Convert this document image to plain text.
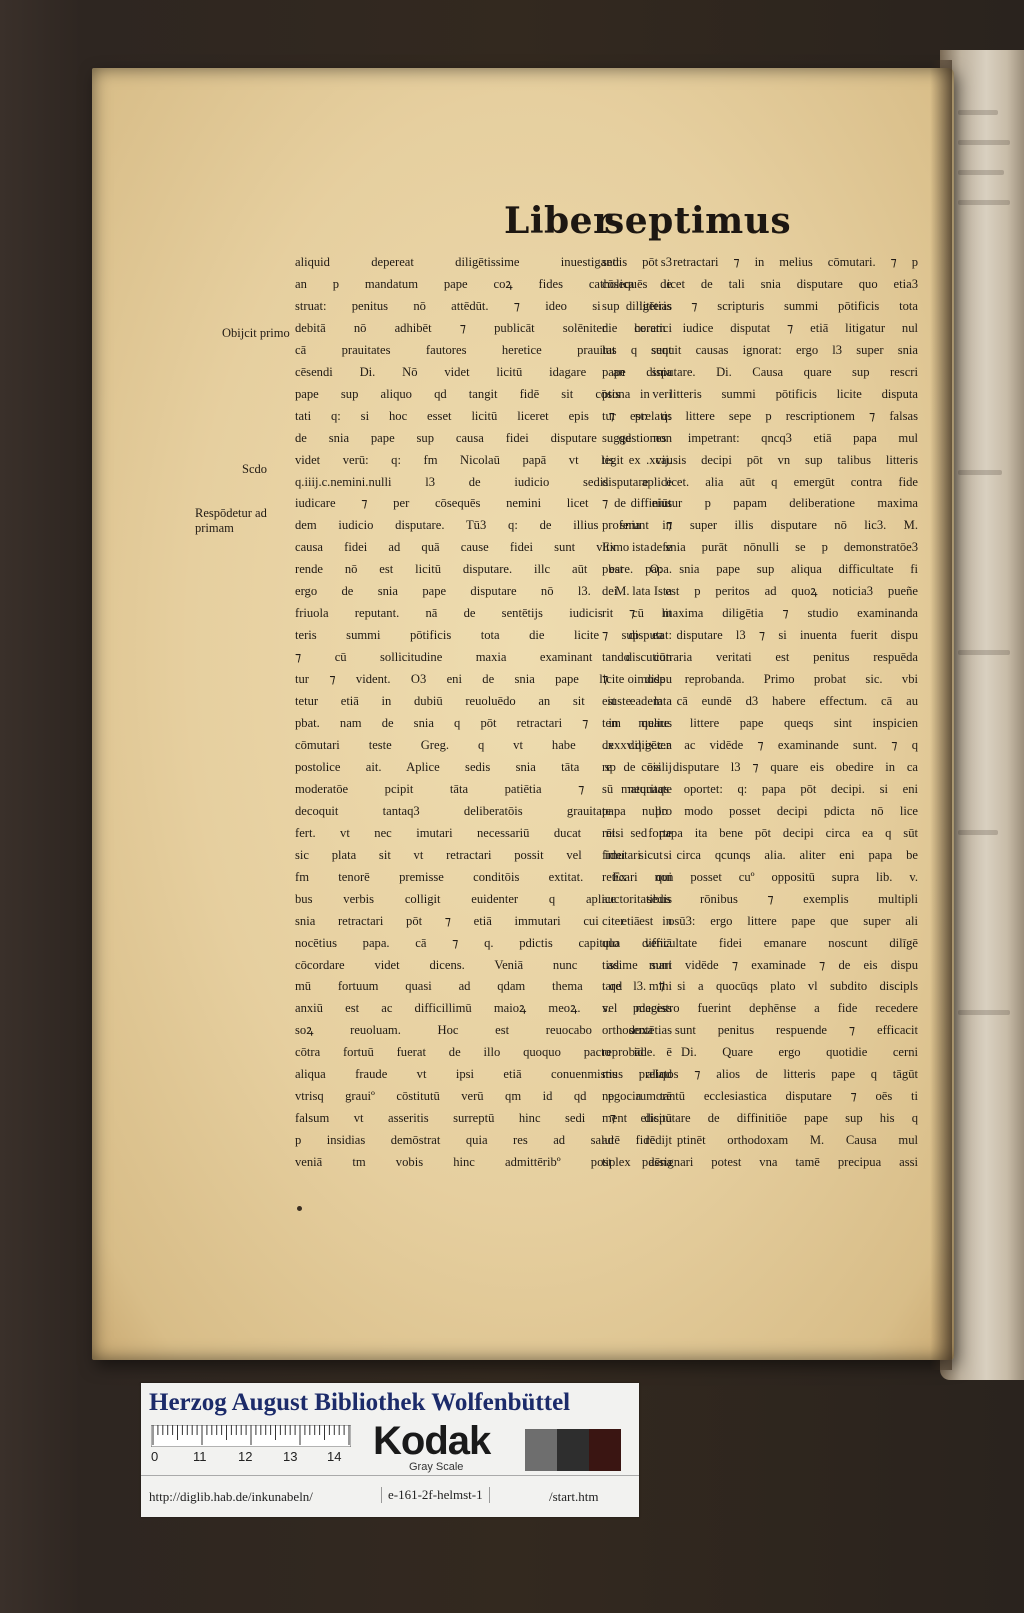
Liber
septimus
Obijcit primo
Scdo
Respōdetur ad primam

aliquid depereat diligētissime inuestigant: s3

an p mandatum pape coꝝ fides catholica de

struat: penitus nō attēdūt. ⁊ ideo si diligētias

debitā nō adhibēt ⁊ publicāt solēniter heretici

cā prauitates fautores heretice prauitat sunt

cēsendi Di. Nō videt licitū idagare an snia

pape sup aliquo qd tangit fidē sit cōsona veri

tati q: si hoc esset licitū liceret epis ⁊ prelatis

de snia pape sup causa fidei disputare qd non

videt verū: q: fm Nicolaū papā vt legit .xvij.

q.iiij.c.nemini.nulli l3 de iudicio sedis aplice

iudicare ⁊ per cōsequēs nemini licet de eius

dem iudicio disputare. Tū3 q: de illius snia in

causa fidei ad quā cause fidei sunt vltimo defe

rende nō est licitū disputare. illc aūt est papa.

ergo de snia pape disputare nō l3. M. Ista

friuola reputant. nā de sentētijs iudicis ⁊ lit

teris summi pōtificis tota die licite disputat:

⁊ cū sollicitudine maxia examinant discutiun

tur ⁊ vident. O3 eni de snia pape licite dispu

tetur etiā in dubiū reuoluēdo an sit iuste lata

pbat. nam de snia q pōt retractari ⁊ in melius

cōmutari teste Greg. q vt habe .xxxv.q.ix.c.a

postolice ait. Aplice sedis snia tāta sp cōsilij

moderatōe pcipit tāta patiētia ⁊ maturitate

decoquit tantaq3 deliberatōis grauitate pro

fert. vt nec imutari necessariū ducat nisi forte

sic plata sit vt retractari possit vel imutari si

fm tenorē premisse conditōis extitat. Ex qui

bus verbis colligit euidenter q aplice sedis

snia retractari pōt ⁊ etiā immutari cui etiā in

nocētius papa. cā ⁊ q. pdictis capitulo veniā

cōcordare videt dicens. Veniā nunc ad mari

mū fortuum quasi ad qdam thema qd mihi

anxiū est ac difficillimū maioꝝ meoꝝ. s. pdecess

soꝝ reuoluam. Hoc est reuocabo sentētias

cōtra fortuū fuerat de illo quoquo pacto id ē

aliqua fraude vt ipsi etiā conuenmistis aliqd

vtrisq grauiº cōstitutū verū qm id qd p rumorē

falsum vt asseritis surreptū hinc sedi ⁊ elicitū

p insidias demōstrat quia res ad salutē redijt

veniā tm vobis hinc admittēribº post pdēna

sedis pōt retractari ⁊ in melius cōmutari. ⁊ p

cōsequēs licet de tali snia disputare quo etia3

sup litteris ⁊ scripturis summi pōtificis tota

die coram iudice disputat ⁊ etiā litigatur nul

lus q sequit causas ignorat: ergo l3 super snia

pape disputare. Di. Causa quare sup rescri

ptis in litteris summi pōtificis licite disputa

tur est: q: littere sepe p rescriptionem ⁊ falsas

suggestiones impetrant: qncq3 etiā papa mul

tis ex causis decipi pōt vn sup talibus litteris

disputare licet. alia aūt q emergūt contra fide

⁊ diffiniūtur p papam deliberatione maxima

proferunt ⁊ super illis disputare nō lic3. M.

Ex ista snia purāt nōnulli se p demonstratōe3

pbare. O: snia pape sup aliqua difficultate fi

dei lata est p peritos ad quoꝝ noticia3 pueñe

rit cū maxima diligētia ⁊ studio examinanda

⁊ sup ea disputare l3 ⁊ si inuenta fuerit dispu

tando cōtraria veritati est penitus respuēda

⁊ oimode reprobanda. Primo probat sic. vbi

est eadem cā eundē d3 habere effectum. cā au

tem quare littere pape queqs sint inspicien

de diligēter ac vidēde ⁊ examinande sunt. ⁊ q

re de eis disputare l3 ⁊ quare eis obedire in ca

sū nequaqs oportet: q: papa pōt decipi. si eni

papa nullo modo posset decipi pdicta nō lice

rēt. sed papa ita bene pōt decipi circa ea q sūt

fidei sicut circa qcunqs alia. aliter eni papa be

reticari non posset cuº oppositū supra lib. v.

auctoritatibus rōnibus ⁊ exemplis multipli

citer est osū3: ergo littere pape que super ali

qua difficultate fidei emanare noscunt dilīgē

tissime sunt vidēde ⁊ examinade ⁊ de eis dispu

tare l3. ⁊ si a quocūqs plato vl subdito discipls

vel magistro fuerint dephēnse a fide recedere

orthodoxa sunt penitus respuende ⁊ efficacit

reprobāde. Di. Quare ergo quotidie cerni

mus prelatos ⁊ alios de litteris pape q tāgūt

negocia tantū ecclesiastica disputare ⁊ oēs ti

ment disputare de diffinitiōe pape sup his q

ad fidē ptinēt orthodoxam M. Causa mul

tiplex assignari potest vna tamē precipua assi

Herzog August Bibliothek Wolfenbüttel
0	11 12 13 14 Kodak
Gray Scale
http://diglib.hab.de/inkunabeln/	e-161-2f-helmst-1	/start.htm
